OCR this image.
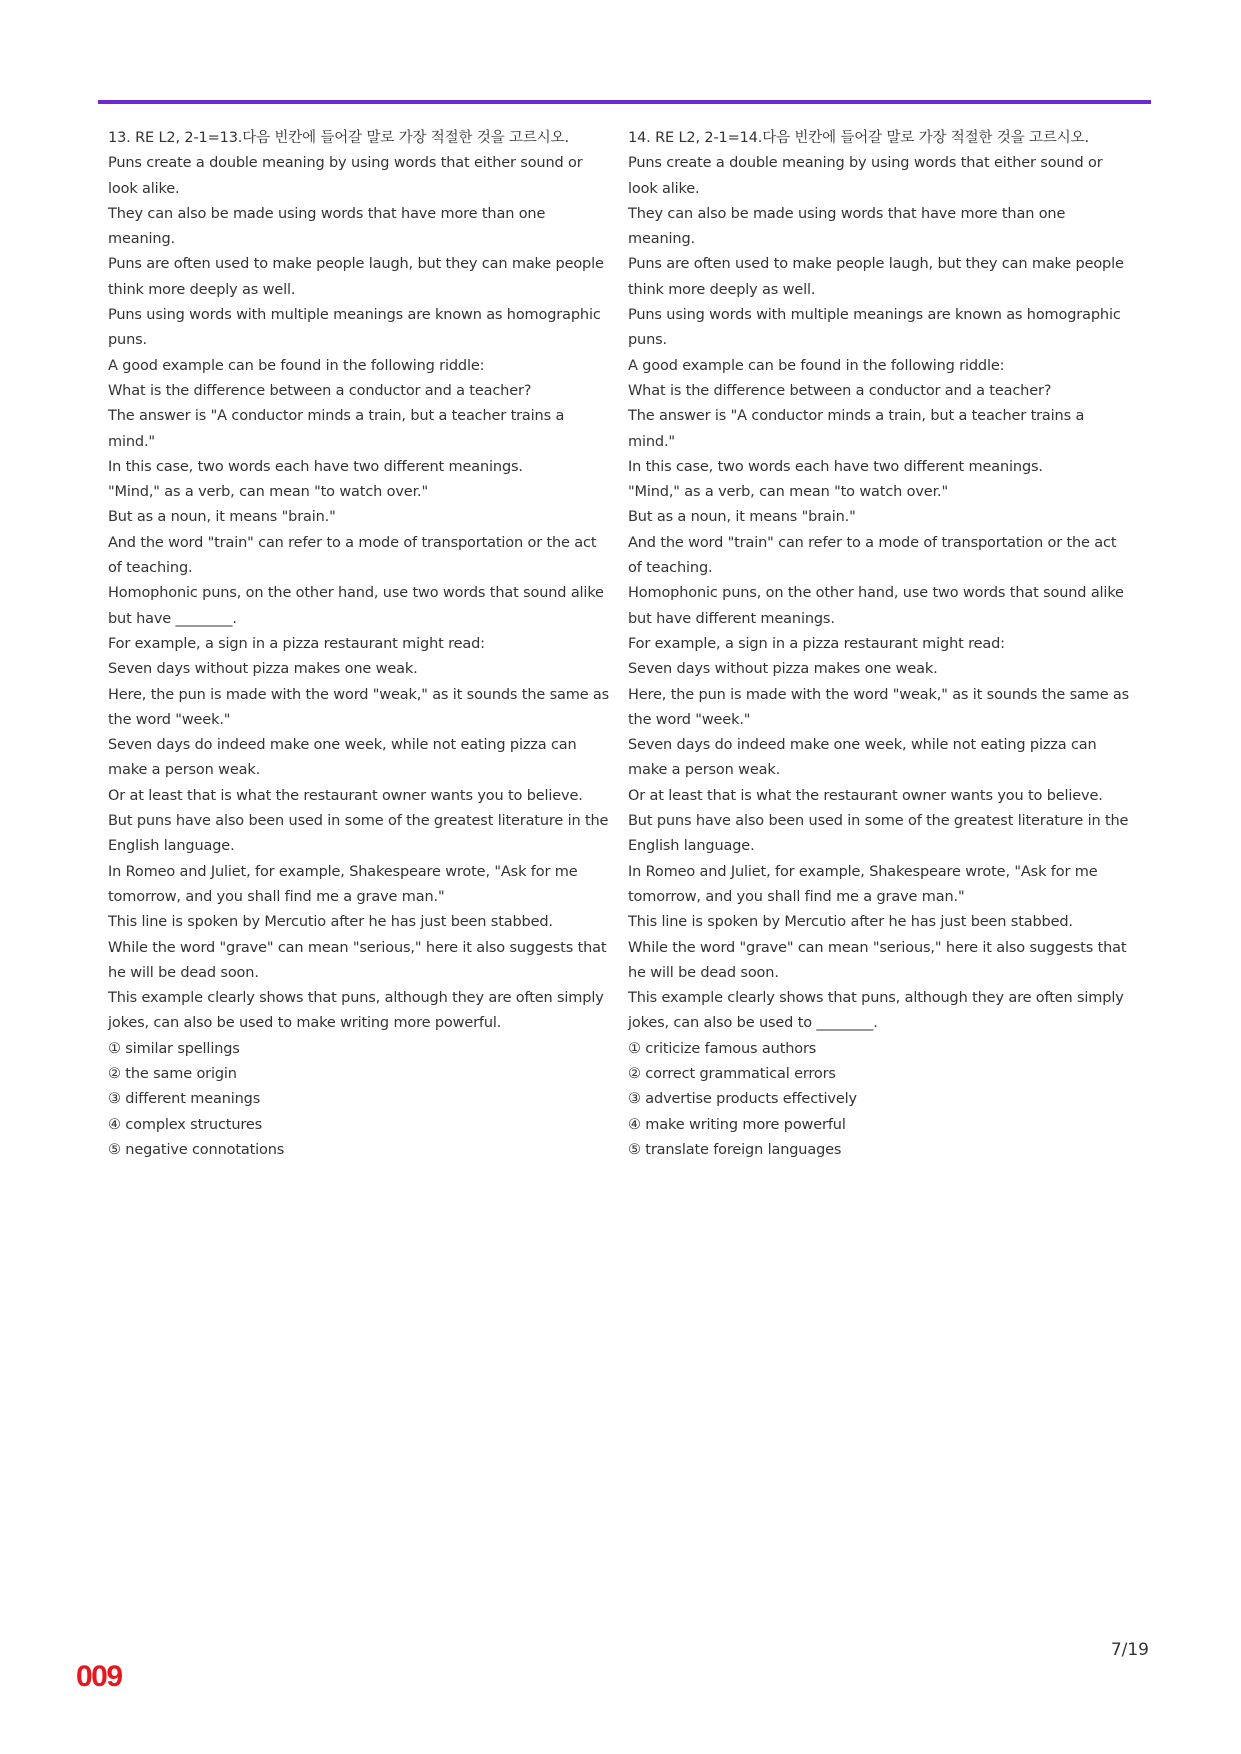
13. RE L2, 2-1=13.다음 빈칸에 들어갈 말로 가장 적절한 것을 고르시오.
Puns create a double meaning by using words that either sound or look alike.
They can also be made using words that have more than one meaning.
Puns are often used to make people laugh, but they can make people think more deeply as well.
Puns using words with multiple meanings are known as homographic puns.
A good example can be found in the following riddle:
What is the difference between a conductor and a teacher?
The answer is "A conductor minds a train, but a teacher trains a mind."
In this case, two words each have two different meanings.
"Mind," as a verb, can mean "to watch over."
But as a noun, it means "brain."
And the word "train" can refer to a mode of transportation or the act of teaching.
Homophonic puns, on the other hand, use two words that sound alike but have ________.
For example, a sign in a pizza restaurant might read:
Seven days without pizza makes one weak.
Here, the pun is made with the word "weak," as it sounds the same as the word "week."
Seven days do indeed make one week, while not eating pizza can make a person weak.
Or at least that is what the restaurant owner wants you to believe.
But puns have also been used in some of the greatest literature in the English language.
In Romeo and Juliet, for example, Shakespeare wrote, "Ask for me tomorrow, and you shall find me a grave man."
This line is spoken by Mercutio after he has just been stabbed.
While the word "grave" can mean "serious," here it also suggests that he will be dead soon.
This example clearly shows that puns, although they are often simply jokes, can also be used to make writing more powerful.
① similar spellings
② the same origin
③ different meanings
④ complex structures
⑤ negative connotations
14. RE L2, 2-1=14.다음 빈칸에 들어갈 말로 가장 적절한 것을 고르시오.
Puns create a double meaning by using words that either sound or look alike.
They can also be made using words that have more than one meaning.
Puns are often used to make people laugh, but they can make people think more deeply as well.
Puns using words with multiple meanings are known as homographic puns.
A good example can be found in the following riddle:
What is the difference between a conductor and a teacher?
The answer is "A conductor minds a train, but a teacher trains a mind."
In this case, two words each have two different meanings.
"Mind," as a verb, can mean "to watch over."
But as a noun, it means "brain."
And the word "train" can refer to a mode of transportation or the act of teaching.
Homophonic puns, on the other hand, use two words that sound alike but have different meanings.
For example, a sign in a pizza restaurant might read:
Seven days without pizza makes one weak.
Here, the pun is made with the word "weak," as it sounds the same as the word "week."
Seven days do indeed make one week, while not eating pizza can make a person weak.
Or at least that is what the restaurant owner wants you to believe.
But puns have also been used in some of the greatest literature in the English language.
In Romeo and Juliet, for example, Shakespeare wrote, "Ask for me tomorrow, and you shall find me a grave man."
This line is spoken by Mercutio after he has just been stabbed.
While the word "grave" can mean "serious," here it also suggests that he will be dead soon.
This example clearly shows that puns, although they are often simply jokes, can also be used to ________.
① criticize famous authors
② correct grammatical errors
③ advertise products effectively
④ make writing more powerful
⑤ translate foreign languages
7/19
009
